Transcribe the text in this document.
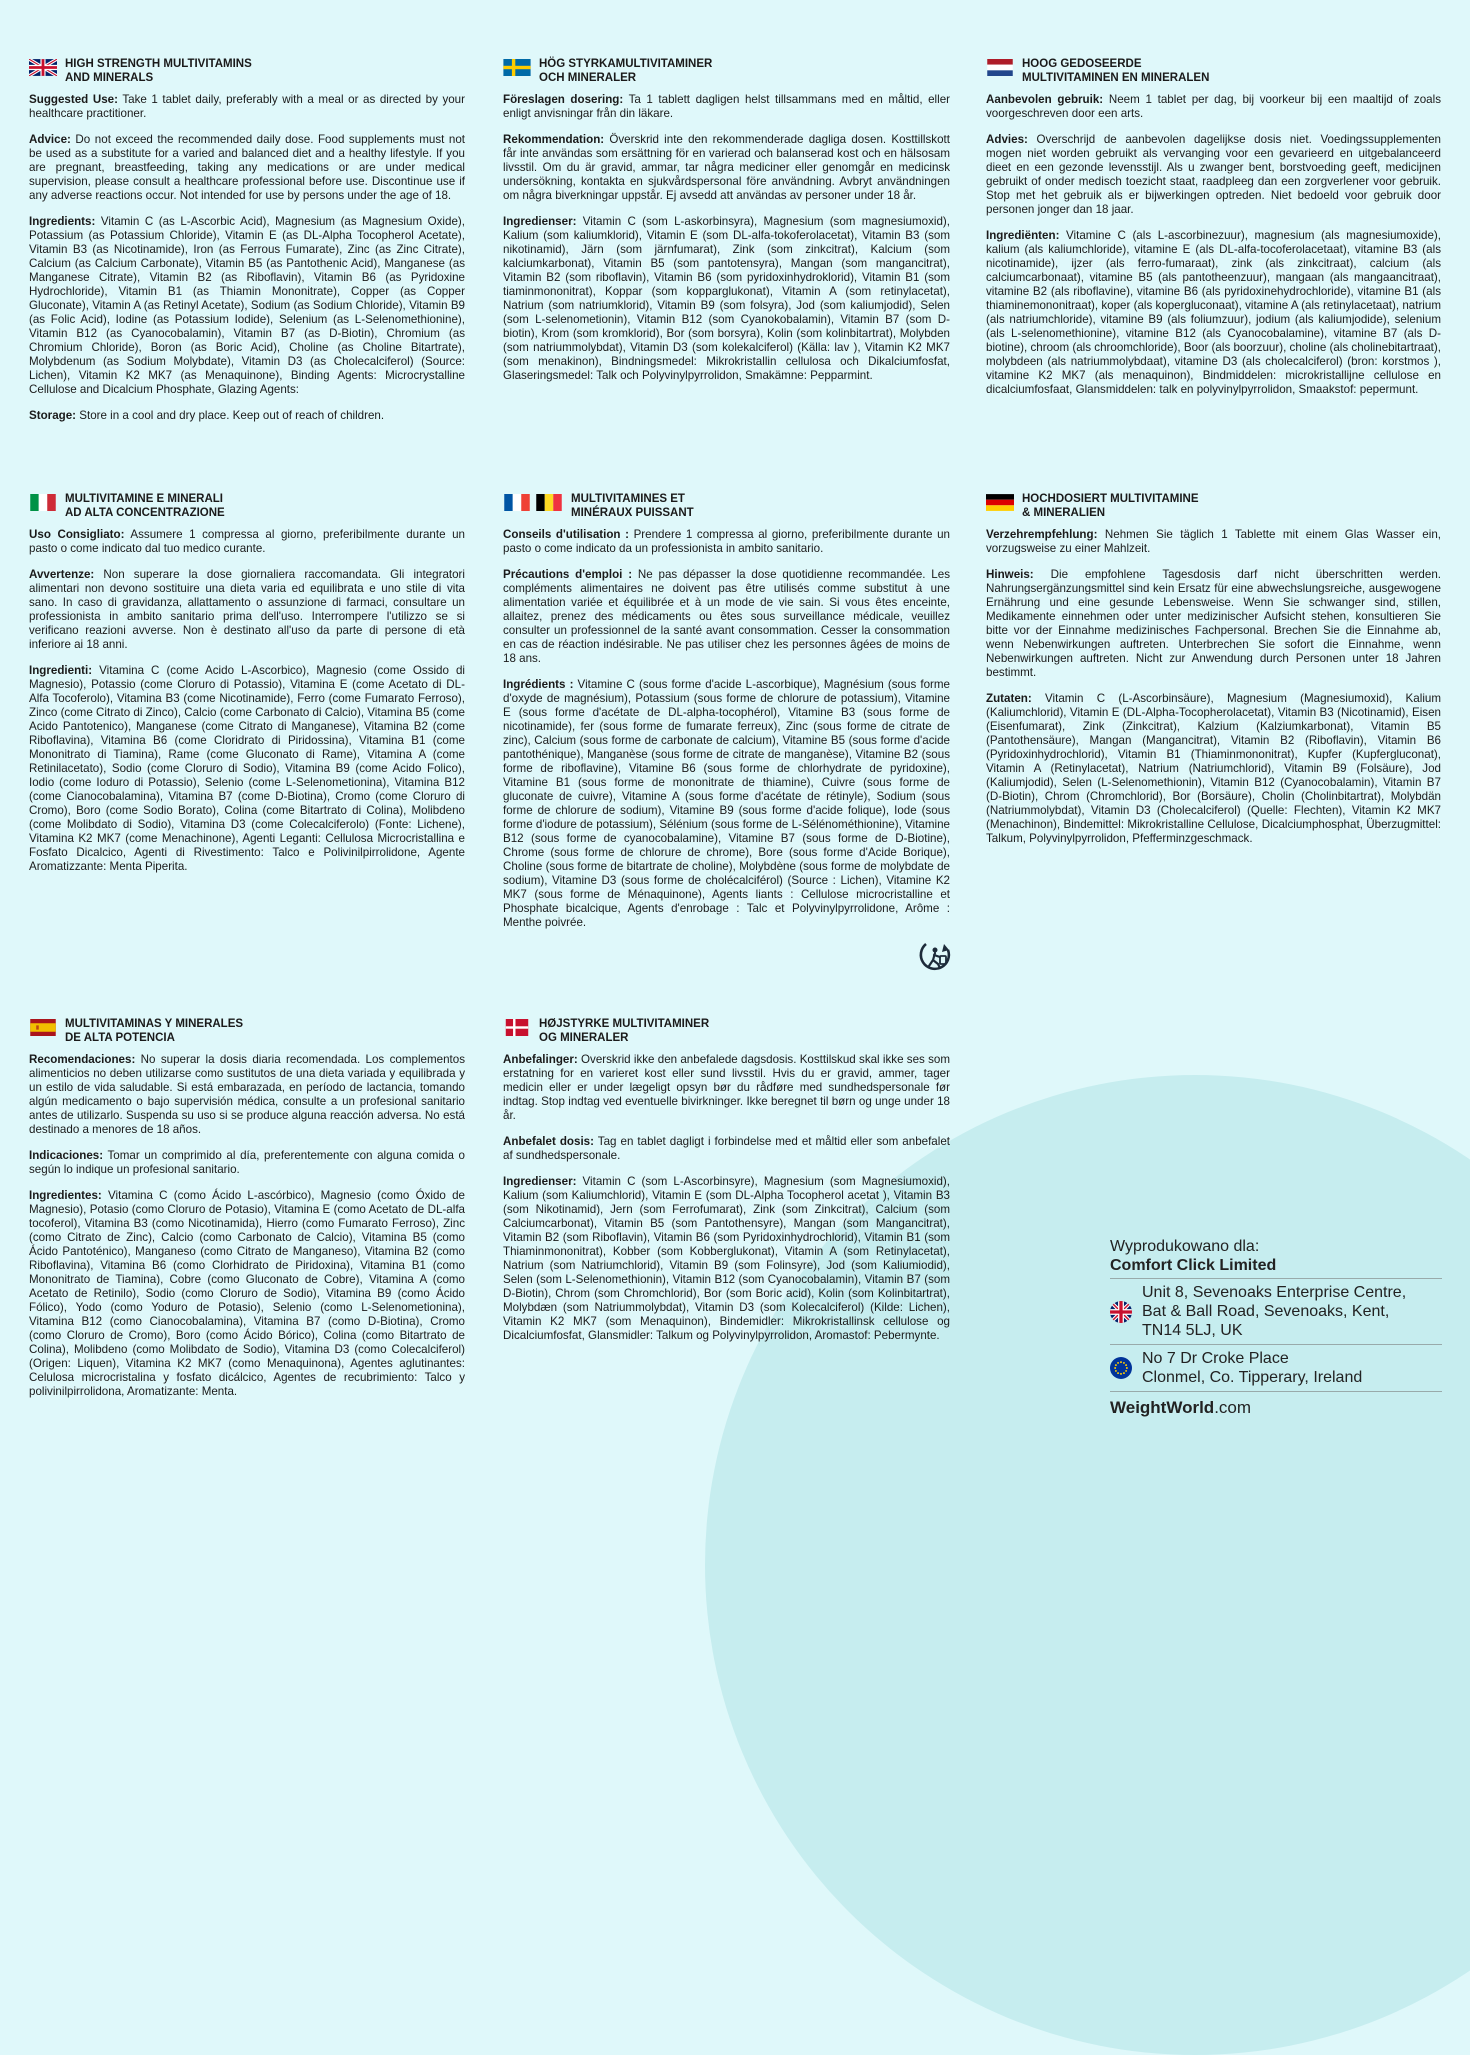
HIGH STRENGTH MULTIVITAMINS
AND MINERALS

Suggested Use: Take 1 tablet daily, preferably with a meal or as directed by your healthcare practitioner.

Advice: Do not exceed the recommended daily dose. Food supplements must not be used as a substitute for a varied and balanced diet and a healthy lifestyle. If you are pregnant, breastfeeding, taking any medications or are under medical supervision, please consult a healthcare professional before use. Discontinue use if any adverse reactions occur. Not intended for use by persons under the age of 18.

Ingredients: Vitamin C (as L-Ascorbic Acid), Magnesium (as Magnesium Oxide), Potassium (as Potassium Chloride), Vitamin E (as DL-Alpha Tocopherol Acetate), Vitamin B3 (as Nicotinamide), Iron (as Ferrous Fumarate), Zinc (as Zinc Citrate), Calcium (as Calcium Carbonate), Vitamin B5 (as Pantothenic Acid), Manganese (as Manganese Citrate), Vitamin B2 (as Riboflavin), Vitamin B6 (as Pyridoxine Hydrochloride), Vitamin B1 (as Thiamin Mononitrate), Copper (as Copper Gluconate), Vitamin A (as Retinyl Acetate), Sodium (as Sodium Chloride), Vitamin B9 (as Folic Acid), Iodine (as Potassium Iodide), Selenium (as L-Selenomethionine), Vitamin B12 (as Cyanocobalamin), Vitamin B7 (as D-Biotin), Chromium (as Chromium Chloride), Boron (as Boric Acid), Choline (as Choline Bitartrate), Molybdenum (as Sodium Molybdate), Vitamin D3 (as Cholecalciferol) (Source: Lichen), Vitamin K2 MK7 (as Menaquinone), Binding Agents: Microcrystalline Cellulose and Dicalcium Phosphate, Glazing Agents:

Storage: Store in a cool and dry place. Keep out of reach of children.

HÖG STYRKAMULTIVITAMINER
OCH MINERALER

Föreslagen dosering: Ta 1 tablett dagligen helst tillsammans med en måltid, eller enligt anvisningar från din läkare.

Rekommendation: Överskrid inte den rekommenderade dagliga dosen. Kosttillskott får inte användas som ersättning för en varierad och balanserad kost och en hälsosam livsstil. Om du är gravid, ammar, tar några mediciner eller genomgår en medicinsk undersökning, kontakta en sjukvårdspersonal före användning. Avbryt användningen om några biverkningar uppstår. Ej avsedd att användas av personer under 18 år.

Ingredienser: Vitamin C (som L-askorbinsyra), Magnesium (som magnesiumoxid), Kalium (som kaliumklorid), Vitamin E (som DL-alfa-tokoferolacetat), Vitamin B3 (som nikotinamid), Järn (som järnfumarat), Zink (som zinkcitrat), Kalcium (som kalciumkarbonat), Vitamin B5 (som pantotensyra), Mangan (som mangancitrat), Vitamin B2 (som riboflavin), Vitamin B6 (som pyridoxinhydroklorid), Vitamin B1 (som tiaminmononitrat), Koppar (som kopparglukonat), Vitamin A (som retinylacetat), Natrium (som natriumklorid), Vitamin B9 (som folsyra), Jod (som kaliumjodid), Selen (som L-selenometionin), Vitamin B12 (som Cyanokobalamin), Vitamin B7 (som D-biotin), Krom (som kromklorid), Bor (som borsyra), Kolin (som kolinbitartrat), Molybden (som natriummolybdat), Vitamin D3 (som kolekalciferol) (Källa: lav ), Vitamin K2 MK7 (som menakinon), Bindningsmedel: Mikrokristallin cellulosa och Dikalciumfosfat, Glaseringsmedel: Talk och Polyvinylpyrrolidon, Smakämne: Pepparmint.

HOOG GEDOSEERDE
MULTIVITAMINEN EN MINERALEN

Aanbevolen gebruik: Neem 1 tablet per dag, bij voorkeur bij een maaltijd of zoals voorgeschreven door een arts.

Advies: Overschrijd de aanbevolen dagelijkse dosis niet. Voedingssupplementen mogen niet worden gebruikt als vervanging voor een gevarieerd en uitgebalanceerd dieet en een gezonde levensstijl. Als u zwanger bent, borstvoeding geeft, medicijnen gebruikt of onder medisch toezicht staat, raadpleeg dan een zorgverlener voor gebruik. Stop met het gebruik als er bijwerkingen optreden. Niet bedoeld voor gebruik door personen jonger dan 18 jaar.

Ingrediënten: Vitamine C (als L-ascorbinezuur), magnesium (als magnesiumoxide), kalium (als kaliumchloride), vitamine E (als DL-alfa-tocoferolacetaat), vitamine B3 (als nicotinamide), ijzer (als ferro-fumaraat), zink (als zinkcitraat), calcium (als calciumcarbonaat), vitamine B5 (als pantotheenzuur), mangaan (als mangaancitraat), vitamine B2 (als riboflavine), vitamine B6 (als pyridoxinehydrochloride), vitamine B1 (als thiaminemononitraat), koper (als kopergluconaat), vitamine A (als retinylacetaat), natrium (als natriumchloride), vitamine B9 (als foliumzuur), jodium (als kaliumjodide), selenium (als L-selenomethionine), vitamine B12 (als Cyanocobalamine), vitamine B7 (als D-biotine), chroom (als chroomchloride), Boor (als boorzuur), choline (als cholinebitartraat), molybdeen (als natriummolybdaat), vitamine D3 (als cholecalciferol) (bron: korstmos ), vitamine K2 MK7 (als menaquinon), Bindmiddelen: microkristallijne cellulose en dicalciumfosfaat, Glansmiddelen: talk en polyvinylpyrrolidon, Smaakstof: pepermunt.

MULTIVITAMINE E MINERALI
AD ALTA CONCENTRAZIONE

Uso Consigliato: Assumere 1 compressa al giorno, preferibilmente durante un pasto o come indicato dal tuo medico curante.

Avvertenze: Non superare la dose giornaliera raccomandata. Gli integratori alimentari non devono sostituire una dieta varia ed equilibrata e uno stile di vita sano. In caso di gravidanza, allattamento o assunzione di farmaci, consultare un professionista in ambito sanitario prima dell'uso. Interrompere l'utilizzo se si verificano reazioni avverse. Non è destinato all'uso da parte di persone di età inferiore ai 18 anni.

Ingredienti: Vitamina C (come Acido L-Ascorbico), Magnesio (come Ossido di Magnesio), Potassio (come Cloruro di Potassio), Vitamina E (come Acetato di DL-Alfa Tocoferolo), Vitamina B3 (come Nicotinamide), Ferro (come Fumarato Ferroso), Zinco (come Citrato di Zinco), Calcio (come Carbonato di Calcio), Vitamina B5 (come Acido Pantotenico), Manganese (come Citrato di Manganese), Vitamina B2 (come Riboflavina), Vitamina B6 (come Cloridrato di Piridossina), Vitamina B1 (come Mononitrato di Tiamina), Rame (come Gluconato di Rame), Vitamina A (come Retinilacetato), Sodio (come Cloruro di Sodio), Vitamina B9 (come Acido Folico), Iodio (come Ioduro di Potassio), Selenio (come L-Selenometionina), Vitamina B12 (come Cianocobalamina), Vitamina B7 (come D-Biotina), Cromo (come Cloruro di Cromo), Boro (come Sodio Borato), Colina (come Bitartrato di Colina), Molibdeno (come Molibdato di Sodio), Vitamina D3 (come Colecalciferolo) (Fonte: Lichene), Vitamina K2 MK7 (come Menachinone), Agenti Leganti: Cellulosa Microcristallina e Fosfato Dicalcico, Agenti di Rivestimento: Talco e Polivinilpirrolidone, Agente Aromatizzante: Menta Piperita.

MULTIVITAMINES ET
MINÉRAUX PUISSANT

Conseils d'utilisation : Prendere 1 compressa al giorno, preferibilmente durante un pasto o come indicato da un professionista in ambito sanitario.

Précautions d'emploi : Ne pas dépasser la dose quotidienne recommandée. Les compléments alimentaires ne doivent pas être utilisés comme substitut à une alimentation variée et équilibrée et à un mode de vie sain. Si vous êtes enceinte, allaitez, prenez des médicaments ou êtes sous surveillance médicale, veuillez consulter un professionnel de la santé avant consommation. Cesser la consommation en cas de réaction indésirable. Ne pas utiliser chez les personnes âgées de moins de 18 ans.

Ingrédients : Vitamine C (sous forme d'acide L-ascorbique), Magnésium (sous forme d'oxyde de magnésium), Potassium (sous forme de chlorure de potassium), Vitamine E (sous forme d'acétate de DL-alpha-tocophérol), Vitamine B3 (sous forme de nicotinamide), fer (sous forme de fumarate ferreux), Zinc (sous forme de citrate de zinc), Calcium (sous forme de carbonate de calcium), Vitamine B5 (sous forme d'acide pantothénique), Manganèse (sous forme de citrate de manganèse), Vitamine B2 (sous forme de riboflavine), Vitamine B6 (sous forme de chlorhydrate de pyridoxine), Vitamine B1 (sous forme de mononitrate de thiamine), Cuivre (sous forme de gluconate de cuivre), Vitamine A (sous forme d'acétate de rétinyle), Sodium (sous forme de chlorure de sodium), Vitamine B9 (sous forme d'acide folique), Iode (sous forme d'iodure de potassium), Sélénium (sous forme de L-Sélénométhionine), Vitamine B12 (sous forme de cyanocobalamine), Vitamine B7 (sous forme de D-Biotine), Chrome (sous forme de chlorure de chrome), Bore (sous forme d'Acide Borique), Choline (sous forme de bitartrate de choline), Molybdène (sous forme de molybdate de sodium), Vitamine D3 (sous forme de cholécalciférol) (Source : Lichen), Vitamine K2 MK7 (sous forme de Ménaquinone), Agents liants : Cellulose microcristalline et Phosphate bicalcique, Agents d'enrobage : Talc et Polyvinylpyrrolidone, Arôme : Menthe poivrée.

HOCHDOSIERT MULTIVITAMINE
& MINERALIEN

Verzehrempfehlung: Nehmen Sie täglich 1 Tablette mit einem Glas Wasser ein, vorzugsweise zu einer Mahlzeit.

Hinweis: Die empfohlene Tagesdosis darf nicht überschritten werden. Nahrungsergänzungsmittel sind kein Ersatz für eine abwechslungsreiche, ausgewogene Ernährung und eine gesunde Lebensweise. Wenn Sie schwanger sind, stillen, Medikamente einnehmen oder unter medizinischer Aufsicht stehen, konsultieren Sie bitte vor der Einnahme medizinisches Fachpersonal. Brechen Sie die Einnahme ab, wenn Nebenwirkungen auftreten. Unterbrechen Sie sofort die Einnahme, wenn Nebenwirkungen auftreten. Nicht zur Anwendung durch Personen unter 18 Jahren bestimmt.

Zutaten: Vitamin C (L-Ascorbinsäure), Magnesium (Magnesiumoxid), Kalium (Kaliumchlorid), Vitamin E (DL-Alpha-Tocopherolacetat), Vitamin B3 (Nicotinamid), Eisen (Eisenfumarat), Zink (Zinkcitrat), Kalzium (Kalziumkarbonat), Vitamin B5 (Pantothensäure), Mangan (Mangancitrat), Vitamin B2 (Riboflavin), Vitamin B6 (Pyridoxinhydrochlorid), Vitamin B1 (Thiaminmononitrat), Kupfer (Kupfergluconat), Vitamin A (Retinylacetat), Natrium (Natriumchlorid), Vitamin B9 (Folsäure), Jod (Kaliumjodid), Selen (L-Selenomethionin), Vitamin B12 (Cyanocobalamin), Vitamin B7 (D-Biotin), Chrom (Chromchlorid), Bor (Borsäure), Cholin (Cholinbitartrat), Molybdän (Natriummolybdat), Vitamin D3 (Cholecalciferol) (Quelle: Flechten), Vitamin K2 MK7 (Menachinon), Bindemittel: Mikrokristalline Cellulose, Dicalciumphosphat, Überzugmittel: Talkum, Polyvinylpyrrolidon, Pfefferminzgeschmack.

MULTIVITAMINAS Y MINERALES
DE ALTA POTENCIA

Recomendaciones: No superar la dosis diaria recomendada. Los complementos alimenticios no deben utilizarse como sustitutos de una dieta variada y equilibrada y un estilo de vida saludable. Si está embarazada, en período de lactancia, tomando algún medicamento o bajo supervisión médica, consulte a un profesional sanitario antes de utilizarlo. Suspenda su uso si se produce alguna reacción adversa. No está destinado a menores de 18 años.

Indicaciones: Tomar un comprimido al día, preferentemente con alguna comida o según lo indique un profesional sanitario.

Ingredientes: Vitamina C (como Ácido L-ascórbico), Magnesio (como Óxido de Magnesio), Potasio (como Cloruro de Potasio), Vitamina E (como Acetato de DL-alfa tocoferol), Vitamina B3 (como Nicotinamida), Hierro (como Fumarato Ferroso), Zinc (como Citrato de Zinc), Calcio (como Carbonato de Calcio), Vitamina B5 (como Ácido Pantoténico), Manganeso (como Citrato de Manganeso), Vitamina B2 (como Riboflavina), Vitamina B6 (como Clorhidrato de Piridoxina), Vitamina B1 (como Mononitrato de Tiamina), Cobre (como Gluconato de Cobre), Vitamina A (como Acetato de Retinilo), Sodio (como Cloruro de Sodio), Vitamina B9 (como Ácido Fólico), Yodo (como Yoduro de Potasio), Selenio (como L-Selenometionina), Vitamina B12 (como Cianocobalamina), Vitamina B7 (como D-Biotina), Cromo (como Cloruro de Cromo), Boro (como Ácido Bórico), Colina (como Bitartrato de Colina), Molibdeno (como Molibdato de Sodio), Vitamina D3 (como Colecalciferol) (Origen: Liquen), Vitamina K2 MK7 (como Menaquinona), Agentes aglutinantes: Celulosa microcristalina y fosfato dicálcico, Agentes de recubrimiento: Talco y polivinilpirrolidona, Aromatizante: Menta.

HØJSTYRKE MULTIVITAMINER
OG MINERALER

Anbefalinger: Overskrid ikke den anbefalede dagsdosis. Kosttilskud skal ikke ses som erstatning for en varieret kost eller sund livsstil. Hvis du er gravid, ammer, tager medicin eller er under lægeligt opsyn bør du rådføre med sundhedspersonale før indtag. Stop indtag ved eventuelle bivirkninger. Ikke beregnet til børn og unge under 18 år.

Anbefalet dosis: Tag en tablet dagligt i forbindelse med et måltid eller som anbefalet af sundhedspersonale.

Ingredienser: Vitamin C (som L-Ascorbinsyre), Magnesium (som Magnesiumoxid), Kalium (som Kaliumchlorid), Vitamin E (som DL-Alpha Tocopherol acetat ), Vitamin B3 (som Nikotinamid), Jern (som Ferrofumarat), Zink (som Zinkcitrat), Calcium (som Calciumcarbonat), Vitamin B5 (som Pantothensyre), Mangan (som Mangancitrat), Vitamin B2 (som Riboflavin), Vitamin B6 (som Pyridoxinhydrochlorid), Vitamin B1 (som Thiaminmononitrat), Kobber (som Kobberglukonat), Vitamin A (som Retinylacetat), Natrium (som Natriumchlorid), Vitamin B9 (som Folinsyre), Jod (som Kaliumiodid), Selen (som L-Selenomethionin), Vitamin B12 (som Cyanocobalamin), Vitamin B7 (som D-Biotin), Chrom (som Chromchlorid), Bor (som Boric acid), Kolin (som Kolinbitartrat), Molybdæn (som Natriummolybdat), Vitamin D3 (som Kolecalciferol) (Kilde: Lichen), Vitamin K2 MK7 (som Menaquinon), Bindemidler: Mikrokristallinsk cellulose og Dicalciumfosfat, Glansmidler: Talkum og Polyvinylpyrrolidon, Aromastof: Pebermynte.

Wyprodukowano dla:
Comfort Click Limited
Unit 8, Sevenoaks Enterprise Centre,
Bat & Ball Road, Sevenoaks, Kent,
TN14 5LJ, UK
No 7 Dr Croke Place
Clonmel, Co. Tipperary, Ireland
WeightWorld.com
